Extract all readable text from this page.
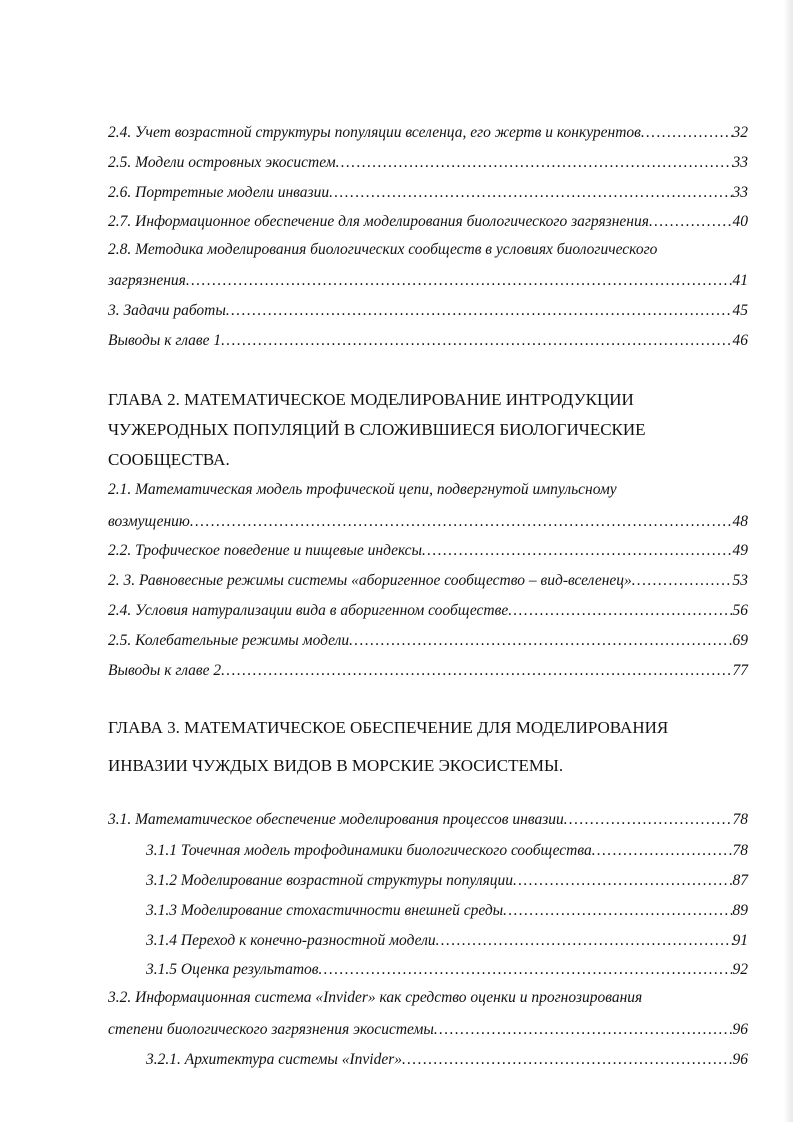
2.4. Учет возрастной структуры популяции вселенца, его жертв и конкурентов .....	32
2.5. Модели островных экосистем .....	33
2.6. Портретные модели инвазии .....	33
2.7. Информационное обеспечение для моделирования биологического загрязнения .....	40
2.8. Методика моделирования биологических сообществ в условиях биологического
загрязнения .....	41
3. Задачи работы .....	45
Выводы к главе 1 .....	46
ГЛАВА 2. МАТЕМАТИЧЕСКОЕ МОДЕЛИРОВАНИЕ ИНТРОДУКЦИИ
ЧУЖЕРОДНЫХ ПОПУЛЯЦИЙ В СЛОЖИВШИЕСЯ БИОЛОГИЧЕСКИЕ
СООБЩЕСТВА.
2.1. Математическая модель трофической цепи, подвергнутой импульсному
возмущению .....	48
2.2. Трофическое поведение и пищевые индексы .....	49
2. 3. Равновесные режимы системы «аборигенное сообщество – вид-вселенец» .....	53
2.4. Условия натурализации вида в аборигенном сообществе .....	56
2.5. Колебательные режимы модели .....	69
Выводы к главе 2 .....	77
ГЛАВА 3. МАТЕМАТИЧЕСКОЕ ОБЕСПЕЧЕНИЕ ДЛЯ МОДЕЛИРОВАНИЯ
ИНВАЗИИ ЧУЖДЫХ ВИДОВ В МОРСКИЕ ЭКОСИСТЕМЫ.
3.1. Математическое обеспечение моделирования процессов инвазии .....	78
3.1.1 Точечная модель трофодинамики биологического сообщества .....	78
3.1.2 Моделирование возрастной структуры популяции .....	87
3.1.3 Моделирование стохастичности внешней среды .....	89
3.1.4 Переход к конечно-разностной модели .....	91
3.1.5 Оценка результатов .....	92
3.2. Информационная система «Invider» как средство оценки и прогнозирования
степени биологического загрязнения экосистемы .....	96
3.2.1. Архитектура системы «Invider» .....	96
